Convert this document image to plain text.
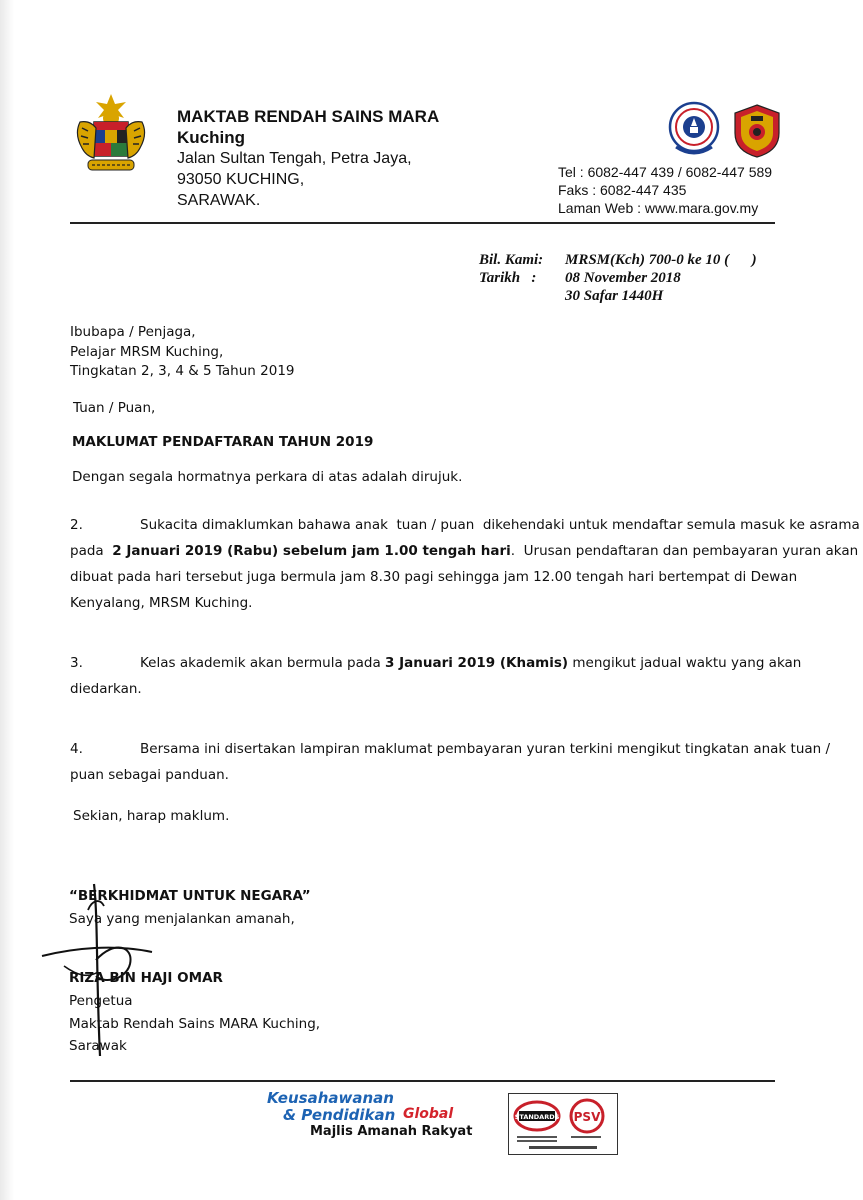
MAKTAB RENDAH SAINS MARA
Kuching
Jalan Sultan Tengah, Petra Jaya,
93050 KUCHING,
SARAWAK.
Tel : 6082-447 439 / 6082-447 589
Faks : 6082-447 435
Laman Web : www.mara.gov.my
Bil. Kami:	MRSM(Kch) 700-0 ke 10 (      )
Tarikh   :	08 November 2018
30 Safar 1440H
Ibubapa / Penjaga,
Pelajar MRSM Kuching,
Tingkatan 2, 3, 4 & 5 Tahun 2019
Tuan / Puan,
MAKLUMAT PENDAFTARAN TAHUN 2019
Dengan segala hormatnya perkara di atas adalah dirujuk.
2.	Sukacita dimaklumkan bahawa anak  tuan / puan  dikehendaki untuk mendaftar semula masuk ke asrama
pada  2 Januari 2019 (Rabu) sebelum jam 1.00 tengah hari.  Urusan pendaftaran dan pembayaran yuran akan
dibuat pada hari tersebut juga bermula jam 8.30 pagi sehingga jam 12.00 tengah hari bertempat di Dewan
Kenyalang, MRSM Kuching.
3.	Kelas akademik akan bermula pada 3 Januari 2019 (Khamis) mengikut jadual waktu yang akan
diedarkan.
4.	Bersama ini disertakan lampiran maklumat pembayaran yuran terkini mengikut tingkatan anak tuan /
puan sebagai panduan.
Sekian, harap maklum.
“BERKHIDMAT UNTUK NEGARA”
Saya yang menjalankan amanah,
RIZA BIN HAJI OMAR
Pengetua
Maktab Rendah Sains MARA Kuching,
Sarawak
Keusahawanan
& Pendidikan Global
Majlis Amanah Rakyat
STANDARDS PSV
